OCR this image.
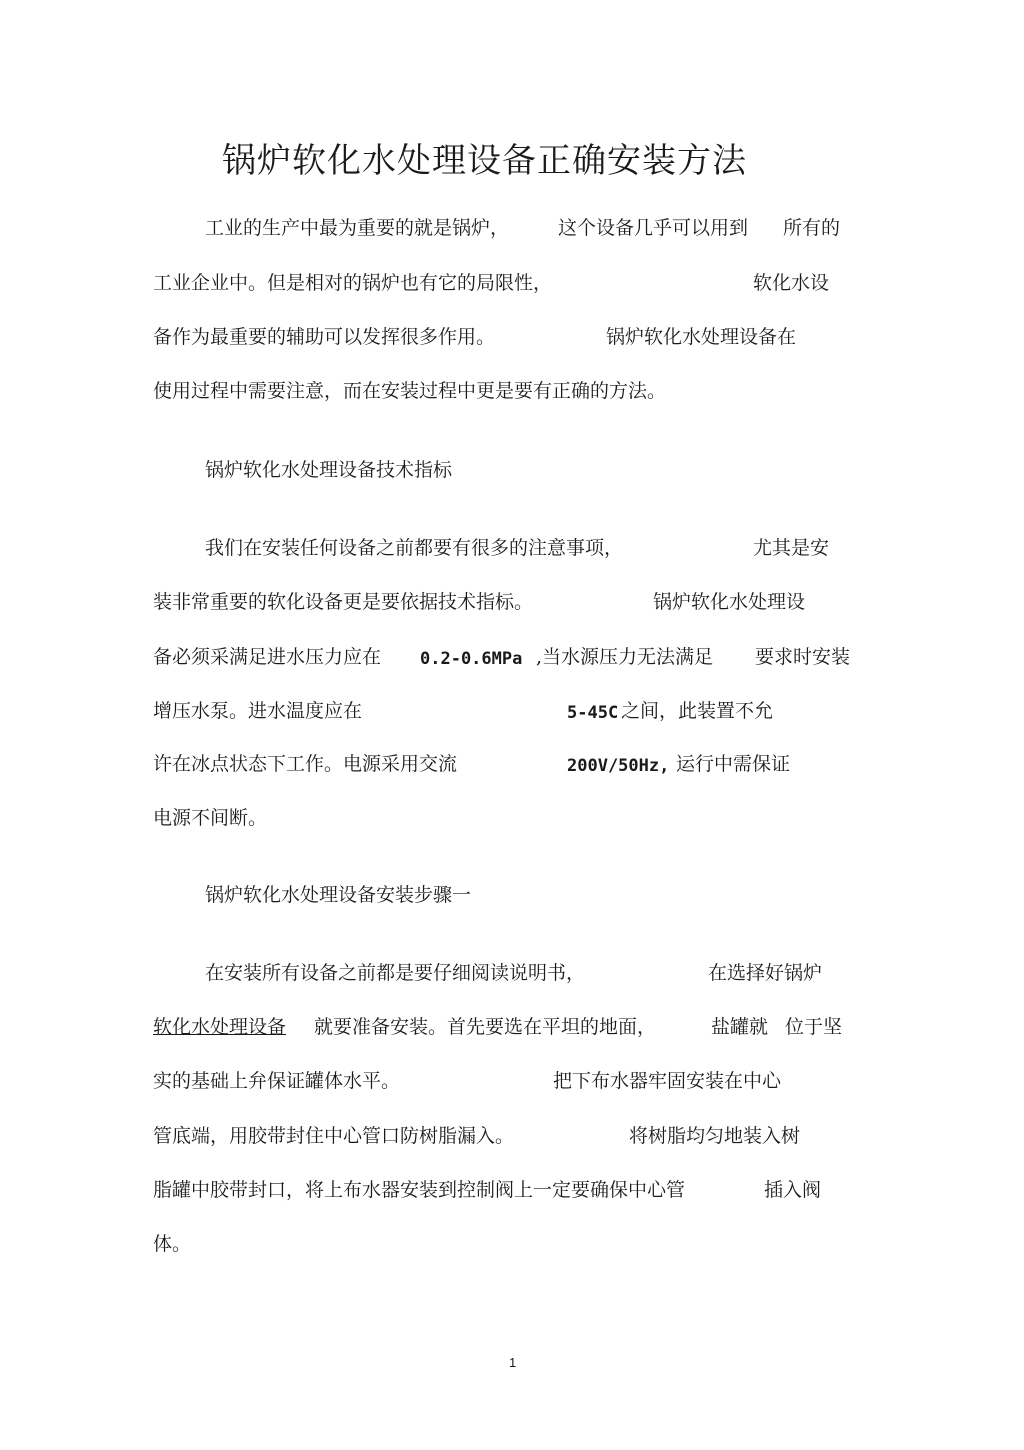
锅炉软化水处理设备正确安装方法
工业的生产中最为重要的就是锅炉，	这个设备几乎可以用到 所有的
工业企业中。但是相对的锅炉也有它的局限性，	软化水设
备作为最重要的辅助可以发挥很多作用。	锅炉软化水处理设备在
使用过程中需要注意，而在安装过程中更是要有正确的方法。
锅炉软化水处理设备技术指标
我们在安装任何设备之前都要有很多的注意事项，	尤其是安
装非常重要的软化设备更是要依据技术指标。	锅炉软化水处理设
备必须采满足进水压力应在 0.2-0.6MPa ,当水源压力无法满足 要求时安装
增压水泵。进水温度应在	5-45C 之间，此装置不允
许在冰点状态下工作。电源采用交流	200V/50Hz, 运行中需保证
电源不间断。
锅炉软化水处理设备安装步骤一
在安装所有设备之前都是要仔细阅读说明书，	在选择好锅炉
软化水处理设备 就要准备安装。首先要选在平坦的地面，	盐罐就 位于坚
实的基础上弁保证罐体水平。	把下布水器牢固安装在中心
管底端，用胶带封住中心管口防树脂漏入。	将树脂均匀地装入树
脂罐中胶带封口，将上布水器安装到控制阀上一定要确保中心管	插入阀
体。
1
